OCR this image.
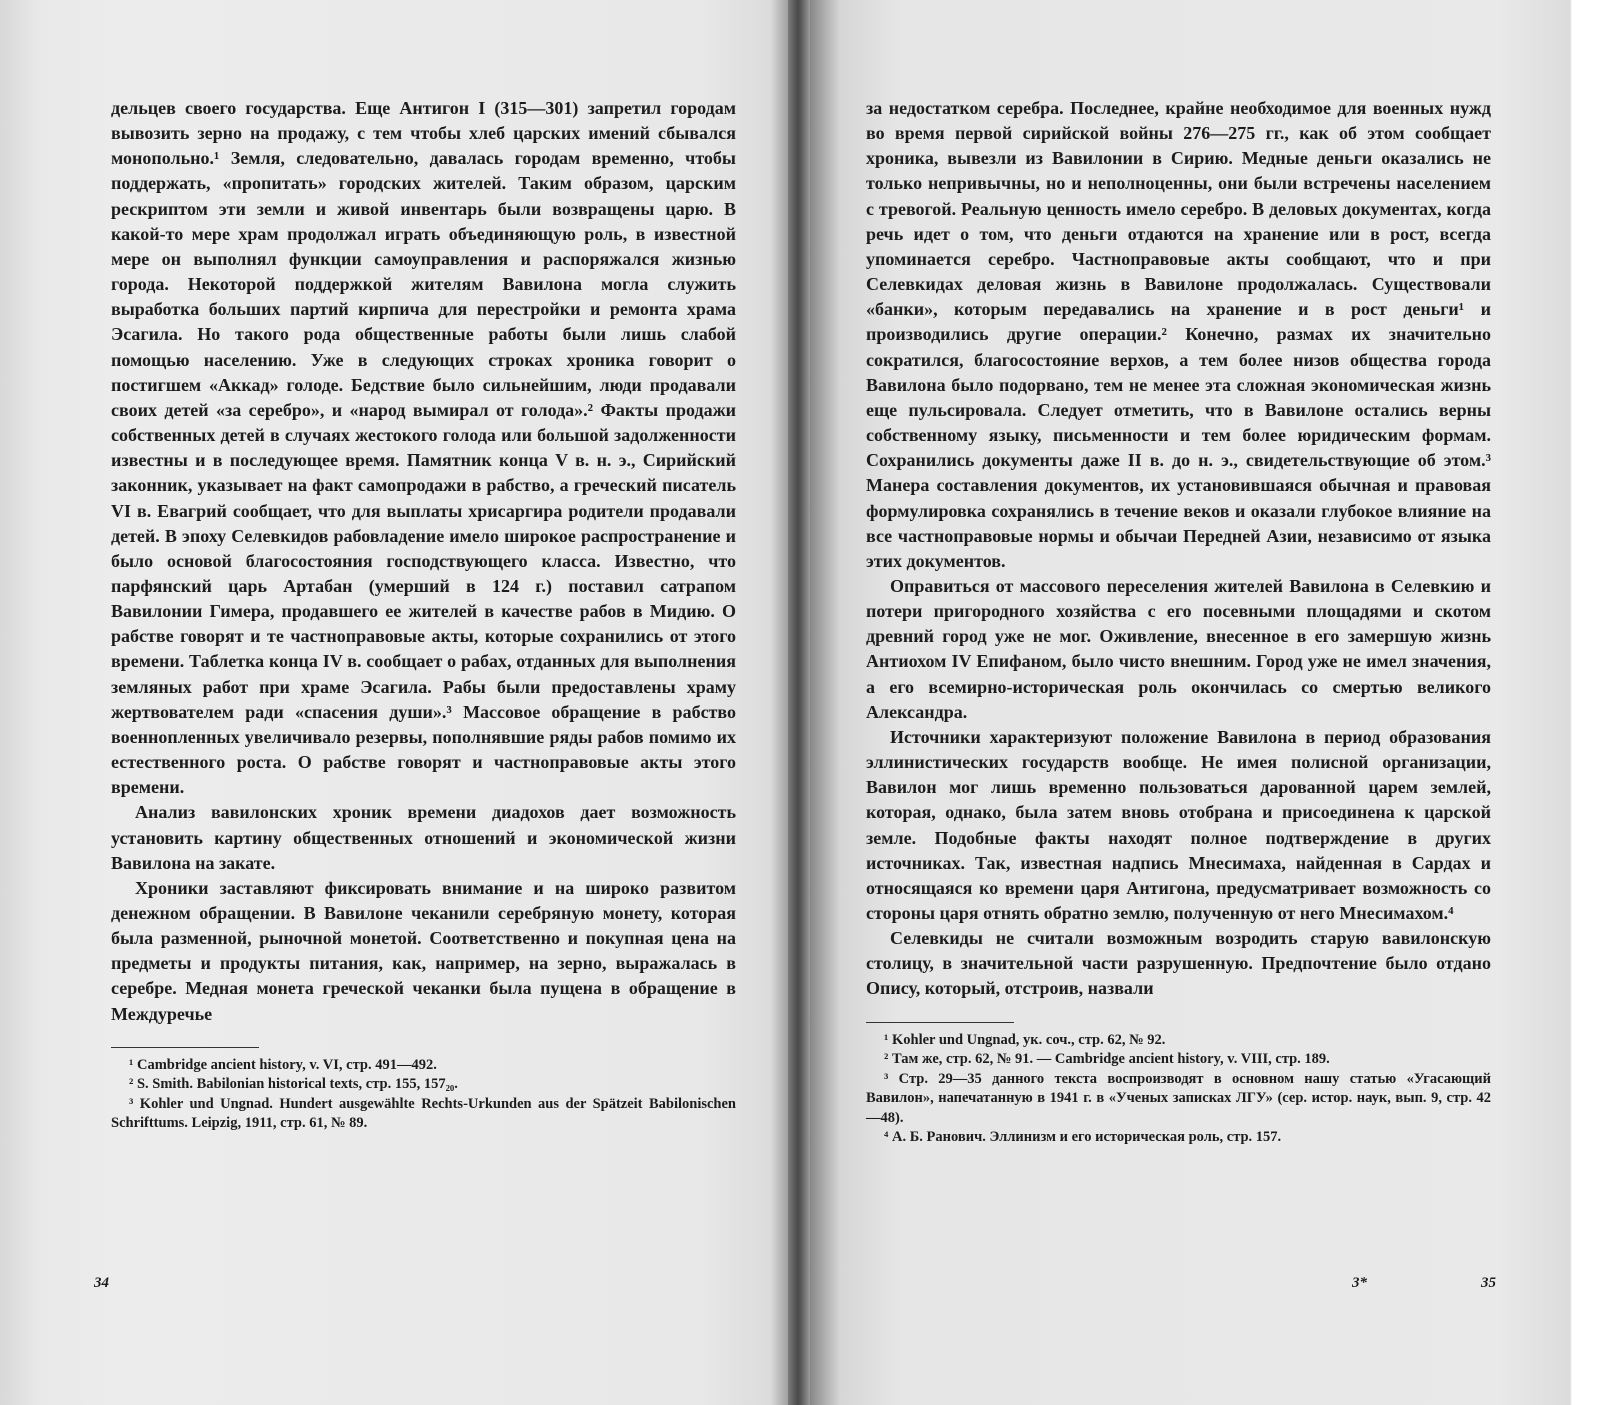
дельцев своего государства. Еще Антигон I (315—301) запретил городам вывозить зерно на продажу, с тем чтобы хлеб царских имений сбывался монопольно.¹ Земля, следовательно, давалась городам временно, чтобы поддержать, «пропитать» городских жителей. Таким образом, царским рескриптом эти земли и живой инвентарь были возвращены царю. В какой-то мере храм продолжал играть объединяющую роль, в известной мере он выполнял функции самоуправления и распоряжался жизнью города. Некоторой поддержкой жителям Вавилона могла служить выработка больших партий кирпича для перестройки и ремонта храма Эсагила. Но такого рода общественные работы были лишь слабой помощью населению. Уже в следующих строках хроника говорит о постигшем «Аккад» голоде. Бедствие было сильнейшим, люди продавали своих детей «за серебро», и «народ вымирал от голода».² Факты продажи собственных детей в случаях жестокого голода или большой задолженности известны и в последующее время. Памятник конца V в. н. э., Сирийский законник, указывает на факт самопродажи в рабство, а греческий писатель VI в. Евагрий сообщает, что для выплаты хрисаргира родители продавали детей. В эпоху Селевкидов рабовладение имело широкое распространение и было основой благосостояния господствующего класса. Известно, что парфянский царь Артабан (умерший в 124 г.) поставил сатрапом Вавилонии Гимера, продавшего ее жителей в качестве рабов в Мидию. О рабстве говорят и те частноправовые акты, которые сохранились от этого времени. Таблетка конца IV в. сообщает о рабах, отданных для выполнения земляных работ при храме Эсагила. Рабы были предоставлены храму жертвователем ради «спасения души».³ Массовое обращение в рабство военнопленных увеличивало резервы, пополнявшие ряды рабов помимо их естественного роста. О рабстве говорят и частноправовые акты этого времени.

Анализ вавилонских хроник времени диадохов дает возможность установить картину общественных отношений и экономической жизни Вавилона на закате.

Хроники заставляют фиксировать внимание и на широко развитом денежном обращении. В Вавилоне чеканили серебряную монету, которая была разменной, рыночной монетой. Соответственно и покупная цена на предметы и продукты питания, как, например, на зерно, выражалась в серебре. Медная монета греческой чеканки была пущена в обращение в Междуречье

¹ Cambridge ancient history, v. VI, стр. 491—492.

² S. Smith. Babilonian historical texts, стр. 155, 157₂₀.

³ Kohler und Ungnad. Hundert ausgewählte Rechts-Urkunden aus der Spätzeit Babilonischen Schrifttums. Leipzig, 1911, стр. 61, № 89.

34

за недостатком серебра. Последнее, крайне необходимое для военных нужд во время первой сирийской войны 276—275 гг., как об этом сообщает хроника, вывезли из Вавилонии в Сирию. Медные деньги оказались не только непривычны, но и неполноценны, они были встречены населением с тревогой. Реальную ценность имело серебро. В деловых документах, когда речь идет о том, что деньги отдаются на хранение или в рост, всегда упоминается серебро. Частноправовые акты сообщают, что и при Селевкидах деловая жизнь в Вавилоне продолжалась. Существовали «банки», которым передавались на хранение и в рост деньги¹ и производились другие операции.² Конечно, размах их значительно сократился, благосостояние верхов, а тем более низов общества города Вавилона было подорвано, тем не менее эта сложная экономическая жизнь еще пульсировала. Следует отметить, что в Вавилоне остались верны собственному языку, письменности и тем более юридическим формам. Сохранились документы даже II в. до н. э., свидетельствующие об этом.³ Манера составления документов, их установившаяся обычная и правовая формулировка сохранялись в течение веков и оказали глубокое влияние на все частноправовые нормы и обычаи Передней Азии, независимо от языка этих документов.

Оправиться от массового переселения жителей Вавилона в Селевкию и потери пригородного хозяйства с его посевными площадями и скотом древний город уже не мог. Оживление, внесенное в его замершую жизнь Антиохом IV Епифаном, было чисто внешним. Город уже не имел значения, а его всемирно-историческая роль окончилась со смертью великого Александра.

Источники характеризуют положение Вавилона в период образования эллинистических государств вообще. Не имея полисной организации, Вавилон мог лишь временно пользоваться дарованной царем землей, которая, однако, была затем вновь отобрана и присоединена к царской земле. Подобные факты находят полное подтверждение в других источниках. Так, известная надпись Мнесимаха, найденная в Сардах и относящаяся ко времени царя Антигона, предусматривает возможность со стороны царя отнять обратно землю, полученную от него Мнесимахом.⁴

Селевкиды не считали возможным возродить старую вавилонскую столицу, в значительной части разрушенную. Предпочтение было отдано Опису, который, отстроив, назвали

¹ Kohler und Ungnad, ук. соч., стр. 62, № 92.

² Там же, стр. 62, № 91. — Cambridge ancient history, v. VIII, стр. 189.

³ Стр. 29—35 данного текста воспроизводят в основном нашу статью «Угасающий Вавилон», напечатанную в 1941 г. в «Ученых записках ЛГУ» (сер. истор. наук, вып. 9, стр. 42—48).

⁴ А. Б. Ранович. Эллинизм и его историческая роль, стр. 157.

3*	35
